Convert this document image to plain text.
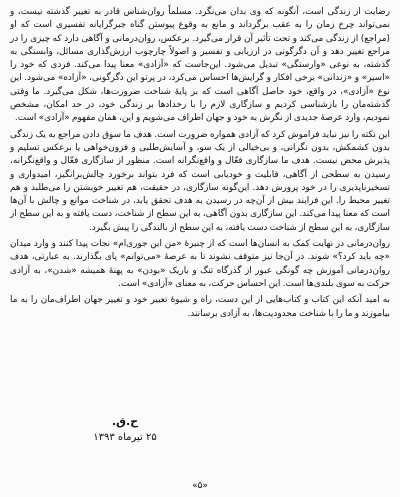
رضایت از زندگی است، آنگونه که وی بدان می‌نگرد. مسلماً روان‌شناس قادر به تغییر گذشته نیست، و نمی‌تواند چرخ زمان را به عقب برگرداند و مانع به وقوع پیوستن گناه جبرگرایانه تفسیری است که او (مراجع) از زندگی می‌کند و تحت تأثیر آن قرار می‌گیرد. برعکس، روان‌درمانی و آگاهی دارد که چیزی را در مراجع تغییر دهد و آن دگرگونی در ارزیابی و تفسیر و اصولاً چارچوب ارزش‌گذاری مسائل، وابستگی به گذشته، به نوعی «وارستگی» تبدیل می‌شود. این‌جاست که «آزادی» معنا پیدا می‌کند. فردی که خود را «اسیر» و «زندانی» برخی افکار و گرایش‌ها احساس می‌کرد، در پرتو این دگرگونی، «آزاده» می‌شود. این نوع «آزادی»، در واقع، خود حاصل آگاهی است که بر پایهٔ شناخت ضرورت‌ها، شکل می‌گیرد. ما وقتی گذشته‌مان را بازشناسی کردیم و سازگاری لازم را با رخدادها بر زندگی خود، در حد امکان، مشخص نمودیم، وارد عرصهٔ جدیدی از نگرش به خود و جهان اطراف می‌شویم و این، همان مفهوم «آزادی» است.

این نکته را نیز نباید فراموش کرد که آزادی همواره ضرورت است. هدف ما سوق دادن مراجع به یک زندگی بدون کشمکش، بدون نگرانی، و بی‌خیالی از یک سو، و آسایش‌طلبی و فزون‌خواهی یا برعکس تسلیم و پذیرش محض نیست. هدف ما سازگاری فعّال و واقع‌نگرانه است. منظور از سازگاری فعّال و واقع‌نگرانه، رسیدن به سطحی از آگاهی، قابلیت و خودیابی است که فرد بتواند برخورد چالش‌برانگیز، امیدواری و تسخیرناپذیری را در خود پرورش دهد. این‌گونه سازگاری، در حقیقت، هم تغییر خویشتن را می‌طلبد و هم تغییر محیط را. این فرایند بیش از آن‌چه در رسیدن به هدف تحقق یابد، در شناخت موانع و چالش با آن‌ها است که معنا پیدا می‌کند. این سازگاری بدون آگاهی، به این سطح از شناخت، دست یافته و به این سطح از سازگاری، به این سطح از شناخت دست یافته، به این سطح از بالندگی را پیش بگیرد.

روان‌درمانی در نهایت کمک به انسان‌ها است که از چنبرهٔ «من این جوری‌ام» نجات پیدا کنند و وارد میدان «چه باید کرد؟» شوند. در آن‌جا نیز متوقف نشوند تا به عرصهٔ «می‌توانم» پای بگذارند. به عبارتی، هدف روان‌درمانی آموزش چه گونگی عبور از گذرگاه تنگ و باریک «بودن» به پهنهٔ همیشه «شدن»، به آزادی حرکت به سوی بلندی‌ها است. این احساس حرکت، به معنای «آزادی» است.

به امید آنکه این کتاب و کتاب‌هایی از این دست، راه و شیوهٔ تغییر خود و تغییر جهان اطراف‌مان را به ما بیاموزند و ما را با شناخت محدودیت‌ها، به آزادی برسانند.

ح.ق.
۲۵ تیرماه ۱۳۹۳
«۵»
